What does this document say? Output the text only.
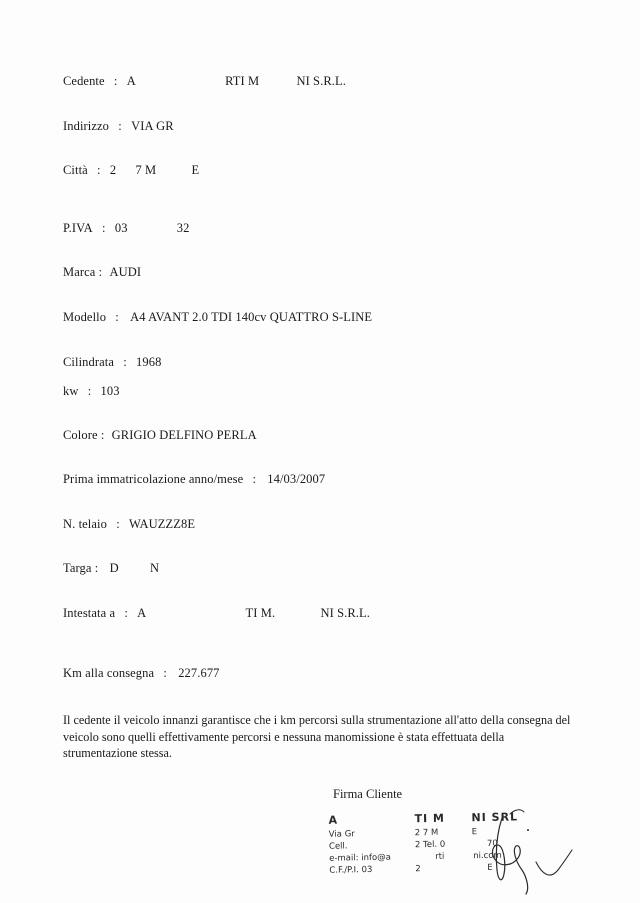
Cedente : A	RTI M	NI S.R.L.
Indirizzo : VIA GR
Città : 2 7 M	E
P.IVA : 03	32
Marca : AUDI
Modello : A4 AVANT 2.0 TDI 140cv QUATTRO S-LINE
Cilindrata : 1968
kw : 103
Colore : GRIGIO DELFINO PERLA
Prima immatricolazione anno/mese : 14/03/2007
N. telaio : WAUZZZ8E
Targa : D N
Intestata a : A	TI M.	NI S.R.L.
Km alla consegna : 227.677
Il cedente il veicolo innanzi garantisce che i km percorsi sulla strumentazione all'atto della consegna del veicolo sono quelli effettivamente percorsi e nessuna manomissione è stata effettuata della strumentazione stessa.
Firma Cliente
A	TI M NI SRL
Via Gr	2 7 M	E
Cell.	2 Tel. 0	70
e-mail: info@a	rti	ni.com
C.F./P.I. 03	2	E
